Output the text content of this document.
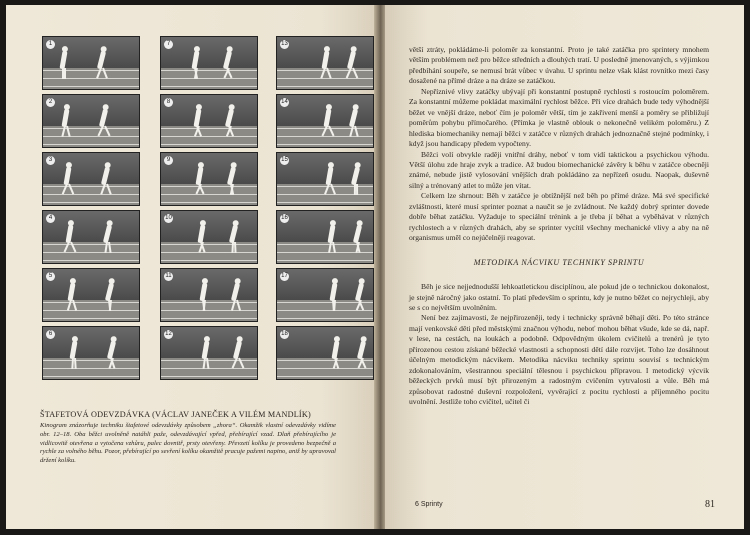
1
2
3
4
5
6
7
8
9
10
11
12
13
14
15
16
17
18
ŠTAFETOVÁ ODEVZDÁVKA (VÁCLAV JANEČEK A VILÉM MANDLÍK)
Kinogram znázorňuje techniku štafetové odevzdávky způsobem „zhora“. Okamžik vlastní odevzdávky vidíme obr. 12–18. Oba běžci uvolněně natáhli paže, odevzdávající vpřed, přebírající vzad. Dlaň přebírajícího je vidlicovitě otevřena a vytočena vzhůru, palec dovnitř, prsty otevřeny. Převzetí kolíku je provedeno bezpečně a rychle za volného běhu. Pozor, přebírající po sevření kolíku okamžitě pracuje pažemi napino, aniž by upravoval držení kolíku.

větší ztráty, pokládáme-li poloměr za konstantní. Proto je také zatáčka pro sprintery mnohem větším problémem než pro běžce středních a dlouhých tratí. U posledně jmenovaných, s výjimkou předbíhání soupeře, se nemusí brát vůbec v úvahu. U sprintu nelze však klást rovnítko mezi časy dosažené na přímé dráze a na dráze se zatáčkou.

Nepříznivé vlivy zatáčky ubývají při konstantní postupně rychlosti s rostoucím poloměrem. Za konstantní můžeme pokládat maximální rychlost běžce. Při více drahách bude tedy výhodnější běžet ve vnější dráze, neboť čím je poloměr větší, tím je zakřivení menší a poměry se přibližují poměrům pohybu přímočarého. (Přímka je vlastně oblouk o nekonečně velikém poloměru.) Z hlediska biomechaniky nemají běžci v zatáčce v různých drahách jednoznačně stejné podmínky, i když jsou handicapy předem vypočteny.

Běžci volí obvykle raději vnitřní dráhy, neboť v tom vidí taktickou a psychickou výhodu. Větší úlohu zde hraje zvyk a tradice. Až budou biomechanické závěry k běhu v zatáčce obecněji známé, nebude jistě vylosování vnějších drah pokládáno za nepřízeň osudu. Naopak, duševně silný a trénovaný atlet to může jen vítat.

Celkem lze shrnout: Běh v zatáčce je obtížnější než běh po přímé dráze. Má své specifické zvláštnosti, které musí sprinter poznat a naučit se je zvládnout. Ne každý dobrý sprinter dovede dobře běhat zatáčku. Vyžaduje to speciální trénink a je třeba jí běhat a vyběhávat v různých rychlostech a v různých drahách, aby se sprinter vycítil všechny mechanické vlivy a aby na ně organismus uměl co nejúčelněji reagovat.

METODIKA NÁCVIKU TECHNIKY SPRINTU

Běh je sice nejjednodušší lehkoatletickou disciplínou, ale pokud jde o technickou dokonalost, je stejně náročný jako ostatní. To platí především o sprintu, kdy je nutno běžet co nejrychleji, aby se s co největším uvolněním.

Není bez zajímavosti, že nejpřirozeněji, tedy i technicky správně běhají děti. Po této stránce mají venkovské děti před městskými značnou výhodu, neboť mohou běhat všude, kde se dá, např. v lese, na cestách, na loukách a podobně. Odpovědným úkolem cvičitelů a trenérů je tyto přirozenou cestou získané běžecké vlastnosti a schopnosti dětí dále rozvíjet. Toho lze dosáhnout účelným metodickým nácvikem. Metodika nácviku techniky sprintu souvisí s technickým zdokonalováním, všestrannou speciální tělesnou i psychickou přípravou. I metodický výcvik běžeckých prvků musí být přirozeným a radostným cvičením vytrvalosti a vůle. Běh má způsobovat radostné duševní rozpoložení, vyvěrající z pocitu rychlosti a příjemného pocitu uvolnění. Jestliže toho cvičitel, učitel či

6 Sprinty	81
